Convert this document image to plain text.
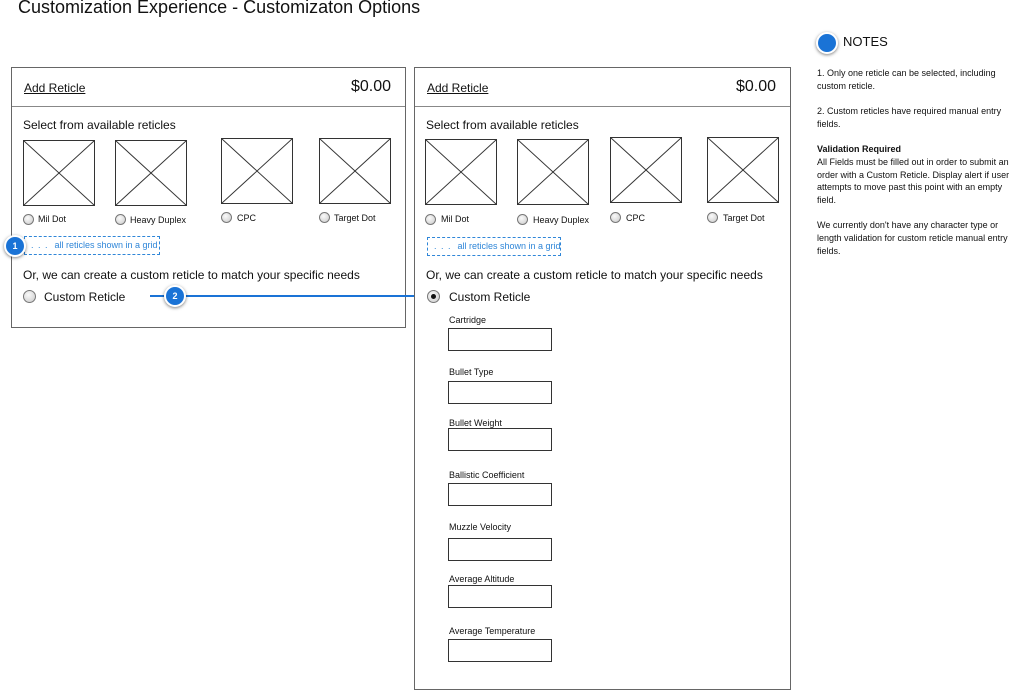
Customization Experience - Customizaton Options
Add Reticle	$0.00
Select from available reticles
Mil Dot	Heavy Duplex	CPC	Target Dot
. . . all reticles shown in a grid
Or, we can create a custom reticle to match your specific needs
Custom Reticle
1
2
Add Reticle	$0.00
Select from available reticles
Mil Dot	Heavy Duplex	CPC	Target Dot
. . . all reticles shown in a grid
Or, we can create a custom reticle to match your specific needs
Custom Reticle
Cartridge
Bullet Type
Bullet Weight
Ballistic Coefficient
Muzzle Velocity
Average Altitude
Average Temperature
NOTES

1. Only one reticle can be selected, including custom reticle.

2. Custom reticles have required manual entry fields.

Validation Required
All Fields must be filled out in order to submit an order with a Custom Reticle. Display alert if user attempts to move past this point with an empty field.

We currently don't have any character type or length validation for custom reticle manual entry fields.
